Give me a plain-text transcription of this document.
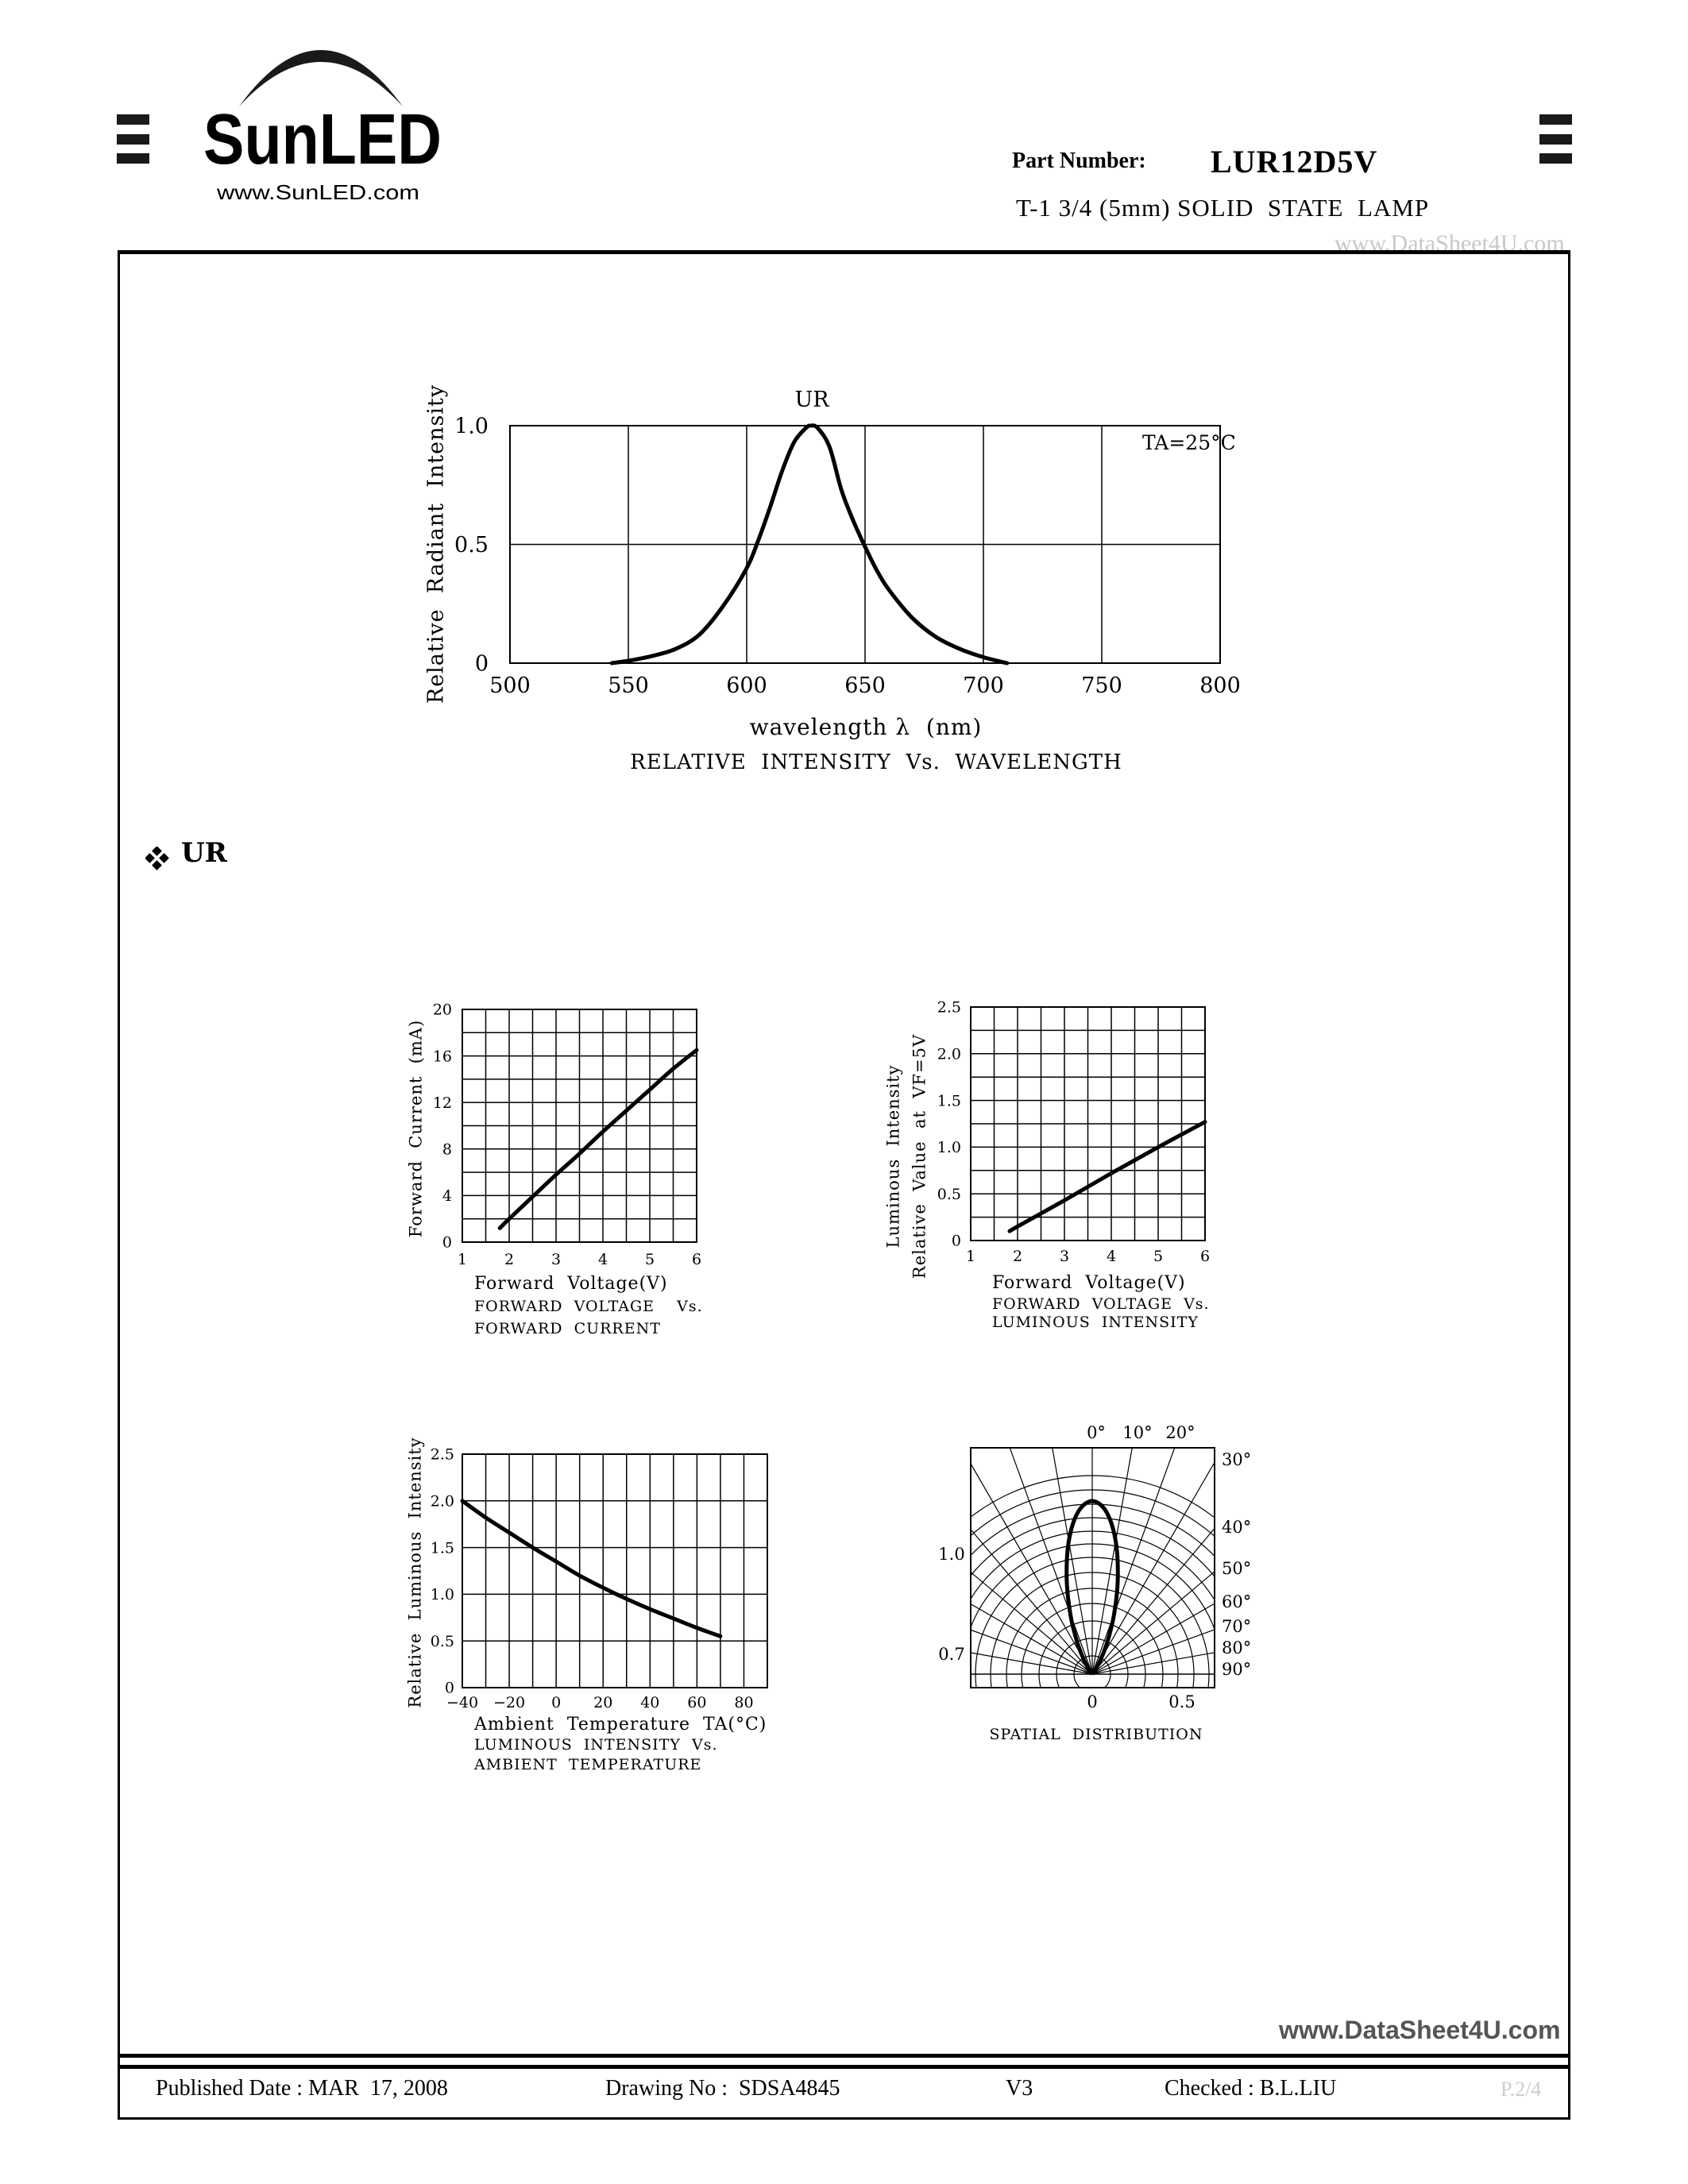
SunLED
www.SunLED.com
Part Number: LUR12D5V
T-1 3/4 (5mm) SOLID  STATE  LAMP
www.DataSheet4U.com
UR
500	550	600	650	700	750	800
0
0.5
1.0
Relative  Radiant  Intensity
wavelength λ  (nm)
RELATIVE  INTENSITY  Vs.  WAVELENGTH
UR
TA=25°C
1 2 3 4 5 6
0
4
8
12
16
20
Forward  Current  (mA)
Forward  Voltage(V)
FORWARD  VOLTAGE    Vs.
FORWARD  CURRENT
1 2 3 4 5 6
0
0.5
1.0
1.5
2.0
2.5
Luminous  Intensity Relative  Value  at  VF=5V
Forward  Voltage(V)
FORWARD  VOLTAGE  Vs.
LUMINOUS  INTENSITY
−40 −20 0 20 40 60 80
0
0.5
1.0
1.5
2.0
2.5
Relative  Luminous  Intensity
Ambient  Temperature  TA(°C)
LUMINOUS  INTENSITY  Vs.
AMBIENT  TEMPERATURE
0° 10° 20°
30°
40°
50°
60°
70°
80°
90°
1.0
0.7
0	0.5
SPATIAL  DISTRIBUTION
Published Date : MAR  17, 2008	Drawing No :  SDSA4845	V3	Checked : B.L.LIU	P.2/4
www.DataSheet4U.com
